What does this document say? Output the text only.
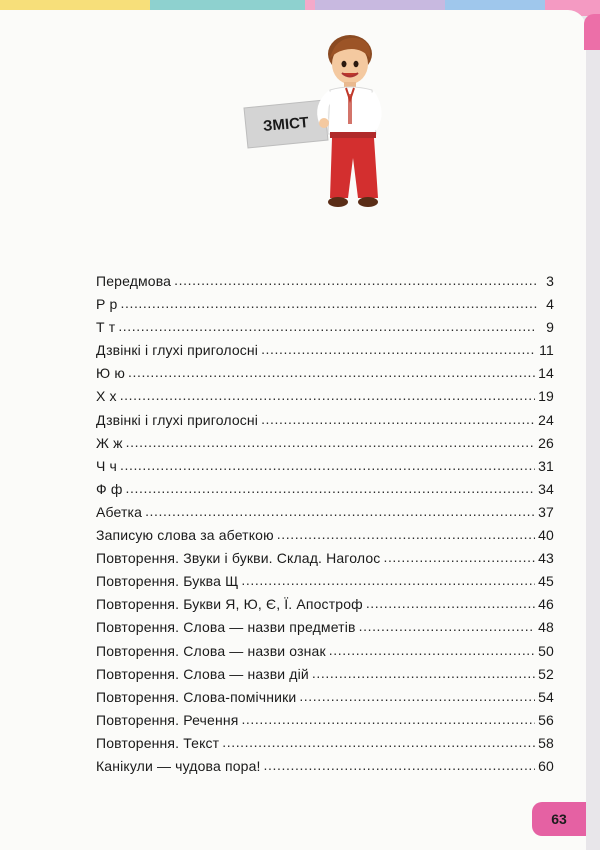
ЗМІСТ
Передмова .....	3
Р р .....	4
Т т .....	9
Дзвінкі і глухі приголосні .....	11
Ю ю .....	14
Х х .....	19
Дзвінкі і глухі приголосні .....	24
Ж ж .....	26
Ч ч .....	31
Ф ф .....	34
Абетка .....	37
Записую слова за абеткою .....	40
Повторення. Звуки і букви. Склад. Наголос .....	43
Повторення. Буква Щ .....	45
Повторення. Букви Я, Ю, Є, Ї. Апостроф .....	46
Повторення. Слова — назви предметів .....	48
Повторення. Слова — назви ознак .....	50
Повторення. Слова — назви дій .....	52
Повторення. Слова-помічники .....	54
Повторення. Речення .....	56
Повторення. Текст .....	58
Канікули — чудова пора! .....	60
63
